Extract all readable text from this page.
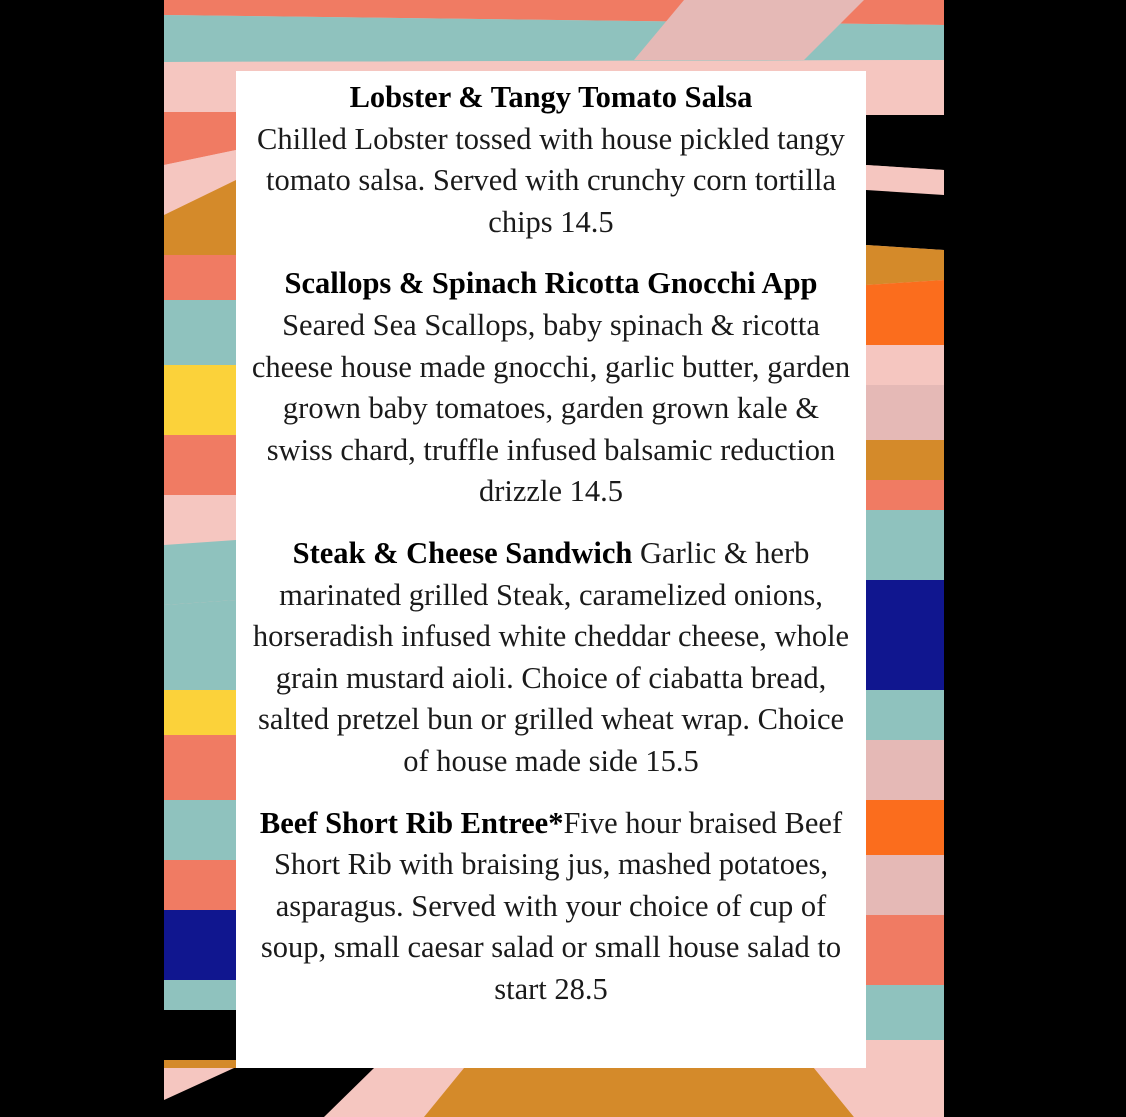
Lobster & Tangy Tomato Salsa
Chilled Lobster tossed with house pickled tangy tomato salsa. Served with crunchy corn tortilla chips 14.5
Scallops & Spinach Ricotta Gnocchi App Seared Sea Scallops, baby spinach & ricotta cheese house made gnocchi, garlic butter, garden grown baby tomatoes, garden grown kale & swiss chard, truffle infused balsamic reduction drizzle 14.5
Steak & Cheese Sandwich Garlic & herb marinated grilled Steak, caramelized onions, horseradish infused white cheddar cheese, whole grain mustard aioli. Choice of ciabatta bread, salted pretzel bun or grilled wheat wrap. Choice of house made side 15.5
Beef Short Rib Entree*Five hour braised Beef Short Rib with braising jus, mashed potatoes, asparagus. Served with your choice of cup of soup, small caesar salad or small house salad to start 28.5
